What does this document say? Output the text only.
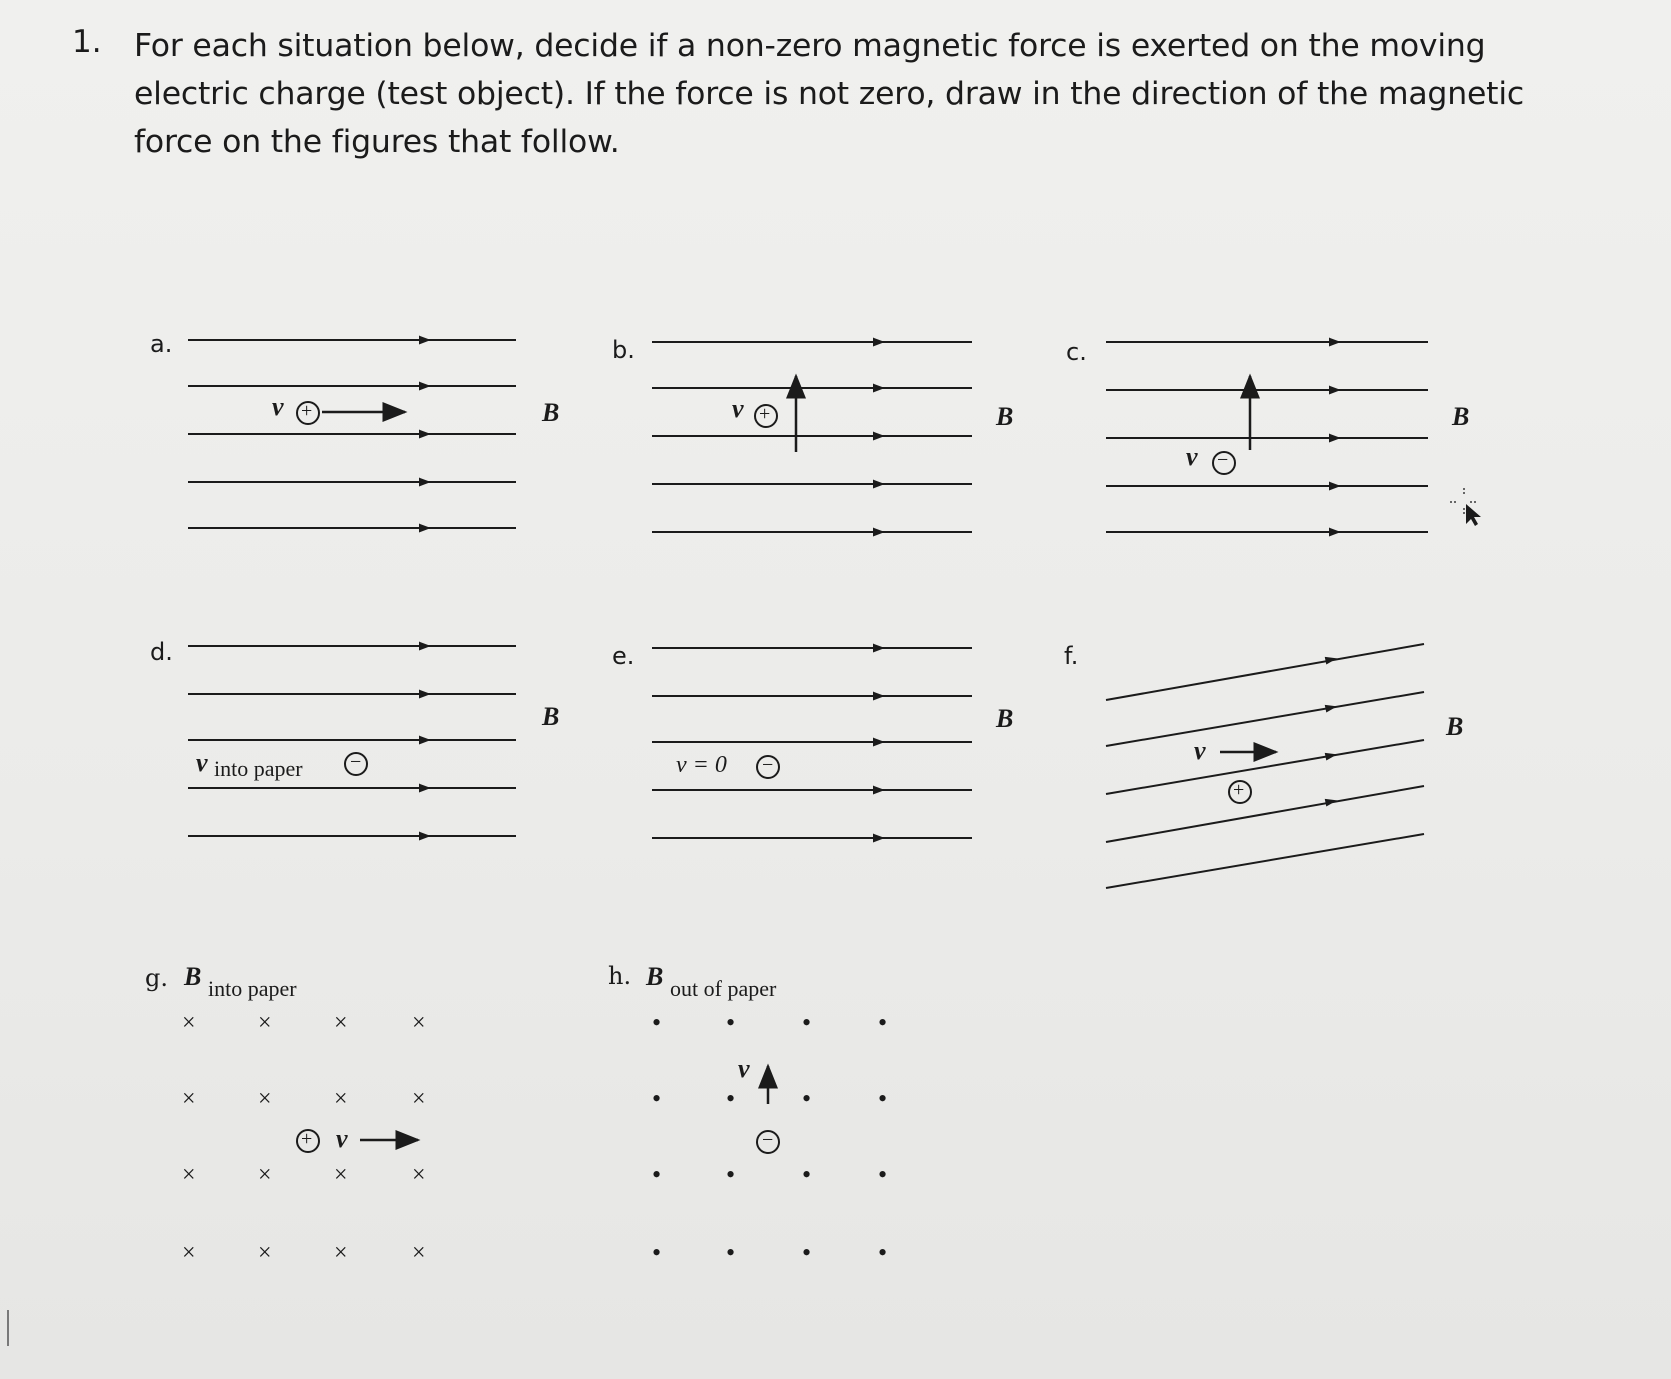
1. For each situation below, decide if a non-zero magnetic force is exerted on the moving electric charge (test object). If the force is not zero, draw in the direction of the magnetic force on the figures that follow.
a.
v +	B
b.
v +	B
c.
v −
B
d.
v into paper −
B
e.
v = 0 −
B
f.
v
+
B
g. B into paper
+ v
×	×	×	×
×	×	×	×
×	×	×	×
×	×	×	×
h. B out of paper
v
−
• •	•	•
• •	•	•
• •	•	•
• •	•	•
